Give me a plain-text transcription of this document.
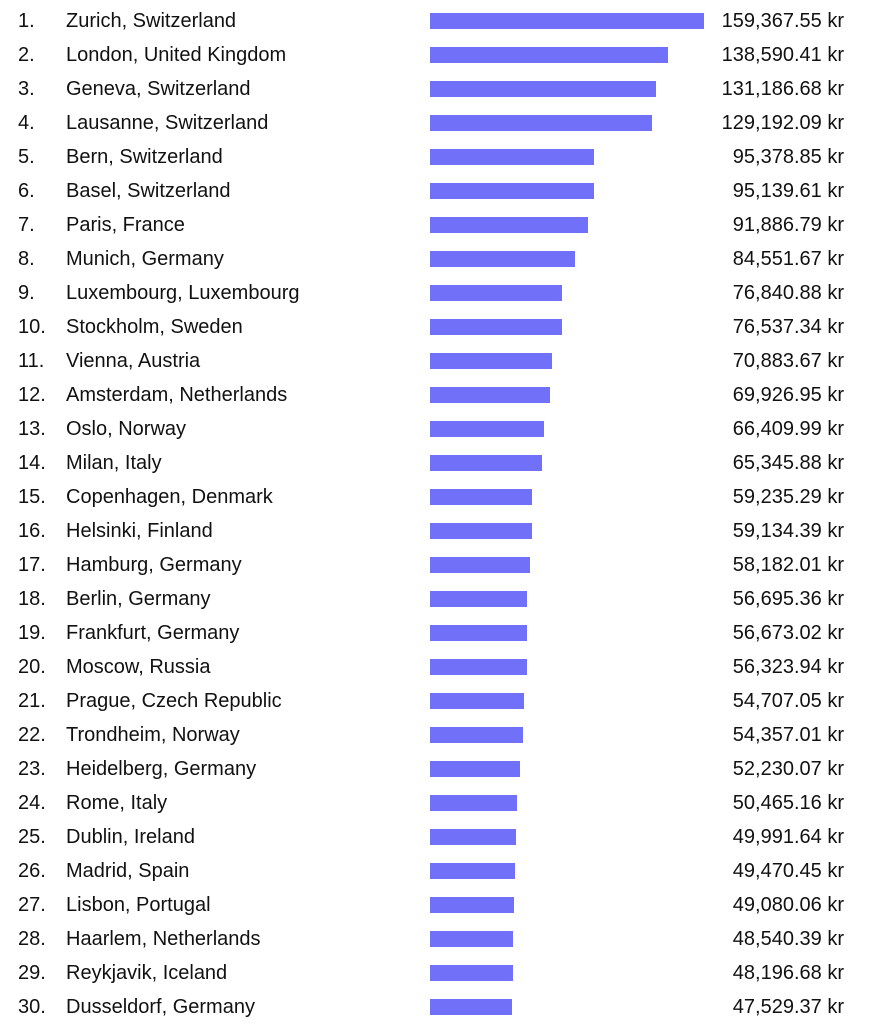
1. Zurich, Switzerland	159,367.55 kr
2. London, United Kingdom	138,590.41 kr
3. Geneva, Switzerland	131,186.68 kr
4. Lausanne, Switzerland	129,192.09 kr
5. Bern, Switzerland	95,378.85 kr
6. Basel, Switzerland	95,139.61 kr
7. Paris, France	91,886.79 kr
8. Munich, Germany	84,551.67 kr
9. Luxembourg, Luxembourg	76,840.88 kr
10. Stockholm, Sweden	76,537.34 kr
11. Vienna, Austria	70,883.67 kr
12. Amsterdam, Netherlands	69,926.95 kr
13. Oslo, Norway	66,409.99 kr
14. Milan, Italy	65,345.88 kr
15. Copenhagen, Denmark	59,235.29 kr
16. Helsinki, Finland	59,134.39 kr
17. Hamburg, Germany	58,182.01 kr
18. Berlin, Germany	56,695.36 kr
19. Frankfurt, Germany	56,673.02 kr
20. Moscow, Russia	56,323.94 kr
21. Prague, Czech Republic	54,707.05 kr
22. Trondheim, Norway	54,357.01 kr
23. Heidelberg, Germany	52,230.07 kr
24. Rome, Italy	50,465.16 kr
25. Dublin, Ireland	49,991.64 kr
26. Madrid, Spain	49,470.45 kr
27. Lisbon, Portugal	49,080.06 kr
28. Haarlem, Netherlands	48,540.39 kr
29. Reykjavik, Iceland	48,196.68 kr
30. Dusseldorf, Germany	47,529.37 kr
